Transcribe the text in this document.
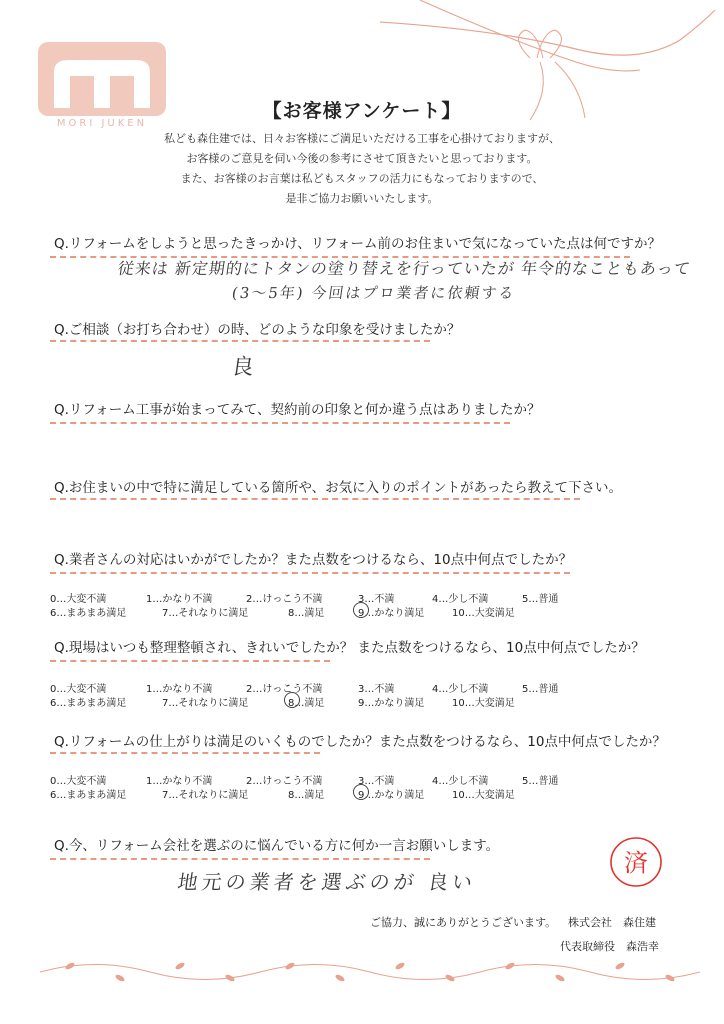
MORI JUKEN
【お客様アンケート】
私ども森住建では、日々お客様にご満足いただける工事を心掛けておりますが、
お客様のご意見を伺い今後の参考にさせて頂きたいと思っております。
また、お客様のお言葉は私どもスタッフの活力にもなっておりますので、
是非ご協力お願いいたします。
Q.リフォームをしようと思ったきっかけ、リフォーム前のお住まいで気になっていた点は何ですか？
従来は 新定期的にトタンの塗り替えを行っていたが 年令的なこともあって
(3〜5年) 今回はプロ業者に依頼する
Q.ご相談（お打ち合わせ）の時、どのような印象を受けましたか？
良
Q.リフォーム工事が始まってみて、契約前の印象と何か違う点はありましたか？
Q.お住まいの中で特に満足している箇所や、お気に入りのポイントがあったら教えて下さい。
Q.業者さんの対応はいかがでしたか？また点数をつけるなら、10点中何点でしたか？
0…大変不満	1…かなり不満	2…けっこう不満	3…不満	4…少し不満	5…普通
6…まあまあ満足	7…それなりに満足	8…満足	9…かなり満足	10…大変満足
Q.現場はいつも整理整頓され、きれいでしたか？ また点数をつけるなら、10点中何点でしたか？
0…大変不満	1…かなり不満	2…けっこう不満	3…不満	4…少し不満	5…普通
6…まあまあ満足	7…それなりに満足	8…満足	9…かなり満足	10…大変満足
Q.リフォームの仕上がりは満足のいくものでしたか？また点数をつけるなら、10点中何点でしたか？
0…大変不満	1…かなり不満	2…けっこう不満	3…不満	4…少し不満	5…普通
6…まあまあ満足	7…それなりに満足	8…満足	9…かなり満足	10…大変満足
Q.今、リフォーム会社を選ぶのに悩んでいる方に何か一言お願いします。
地元の業者を選ぶのが 良い
済
ご協力、誠にありがとうございます。 株式会社　森住建
代表取締役　森浩幸
